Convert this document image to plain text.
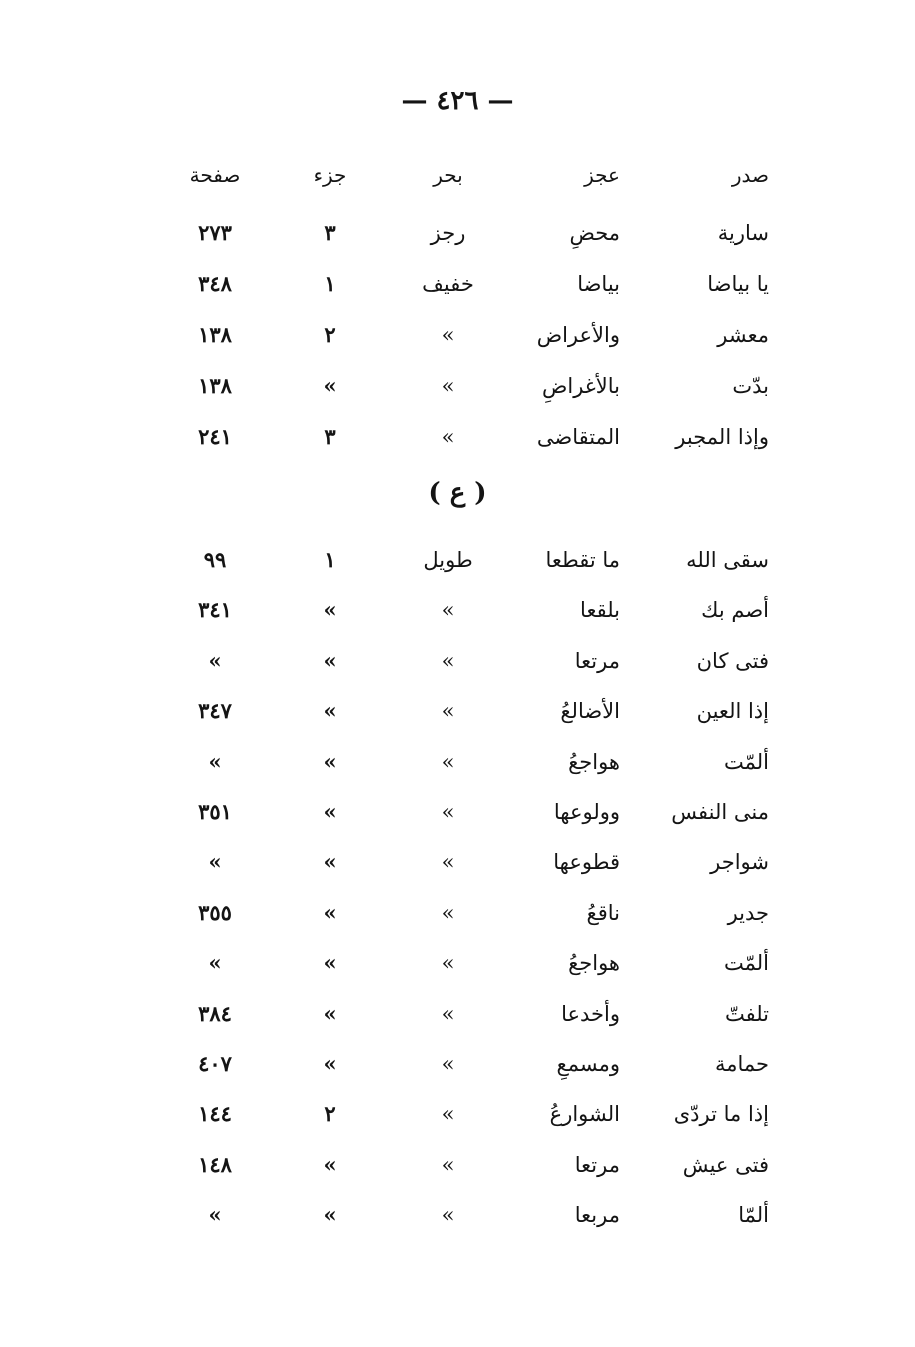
— ٤٢٦ —
صدر
عجز
بحر
جزء
صفحة
سارية
محضِ
رجز
٣
٢٧٣
يا بياضا
بياضا
خفيف
١
٣٤٨
معشر
والأعراض
»
٢
١٣٨
بدّت
بالأغراضِ
»
»
١٣٨
وإذا المجبر
المتقاضى
»
٣
٢٤١
( ع )
سقى الله
ما تقطعا
طويل
١
٩٩
أصم بك
بلقعا
»
»
٣٤١
فتى كان
مرتعا
»
»
»
إذا العين
الأضالعُ
»
»
٣٤٧
ألمّت
هواجعُ
»
»
»
منى النفس
وولوعها
»
»
٣٥١
شواجر
قطوعها
»
»
»
جدير
ناقعُ
»
»
٣٥٥
ألمّت
هواجعُ
»
»
»
تلفتّ
وأخدعا
»
»
٣٨٤
حمامة
ومسمعِ
»
»
٤٠٧
إذا ما تردّى
الشوارعُ
»
٢
١٤٤
فتى عيش
مرتعا
»
»
١٤٨
ألمّا
مربعا
»
»
»
